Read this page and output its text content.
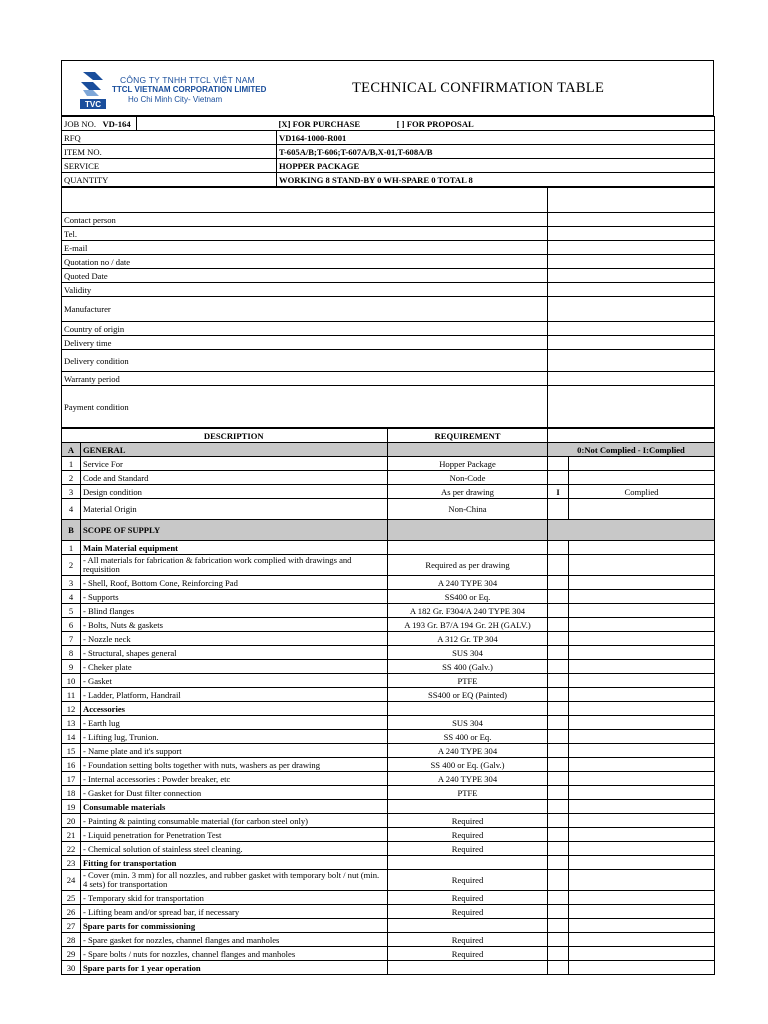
TVC
CÔNG TY TNHH TTCL VIỆT NAM
TTCL VIETNAM CORPORATION LIMITED
Ho Chi Minh City- Vietnam
TECHNICAL CONFIRMATION TABLE
JOB NO. VD-164		[X] FOR PURCHASE [ ] FOR PROPOSAL
RFQ		VD164-1000-R001
ITEM NO.		T-605A/B;T-606;T-607A/B,X-01,T-608A/B
SERVICE		HOPPER PACKAGE
QUANTITY		WORKING 8 STAND-BY 0 WH-SPARE 0 TOTAL 8

Contact person	
Tel.	
E-mail	
Quotation no / date	
Quoted Date	
Validity	
Manufacturer	
Country of origin	
Delivery time	
Delivery condition	
Warranty period	
Payment condition	
	DESCRIPTION	REQUIREMENT		
A	GENERAL		0:Not Complied - I:Complied	
1	Service For	Hopper Package		
2	Code and Standard	Non-Code		
3	Design condition	As per drawing	I	Complied
4	Material Origin	Non-China		
B	SCOPE OF SUPPLY			
1	Main Material equipment			
2	- All materials for fabrication & fabrication work complied with drawings and requisition	Required as per drawing		
3	- Shell, Roof, Bottom Cone, Reinforcing Pad	A 240 TYPE 304		
4	- Supports	SS400 or Eq.		
5	- Blind flanges	A 182 Gr. F304/A 240 TYPE 304		
6	- Bolts, Nuts & gaskets	A 193 Gr. B7/A 194 Gr. 2H (GALV.)		
7	- Nozzle neck	A 312 Gr. TP 304		
8	- Structural, shapes general	SUS 304		
9	- Cheker plate	SS 400 (Galv.)		
10	- Gasket	PTFE		
11	- Ladder, Platform, Handrail	SS400 or EQ (Painted)		
12	Accessories			
13	- Earth lug	SUS 304		
14	- Lifting lug, Trunion.	SS 400 or Eq.		
15	- Name plate and it's support	A 240 TYPE 304		
16	- Foundation setting bolts together with nuts, washers as per drawing	SS 400 or Eq. (Galv.)		
17	- Internal accessories : Powder breaker, etc	A 240 TYPE 304		
18	- Gasket for Dust filter connection	PTFE		
19	Consumable materials			
20	- Painting & painting consumable material (for carbon steel only)	Required		
21	- Liquid penetration for Penetration Test	Required		
22	- Chemical solution of stainless steel cleaning.	Required		
23	Fitting for transportation			
24	- Cover (min. 3 mm) for all nozzles, and rubber gasket with temporary bolt / nut (min. 4 sets) for transportation	Required		
25	- Temporary skid for transportation	Required		
26	- Lifting beam and/or spread bar, if necessary	Required		
27	Spare parts for commissioning			
28	- Spare gasket for nozzles, channel flanges and manholes	Required		
29	- Spare bolts / nuts for nozzles, channel flanges and manholes	Required		
30	Spare parts for 1 year operation			
